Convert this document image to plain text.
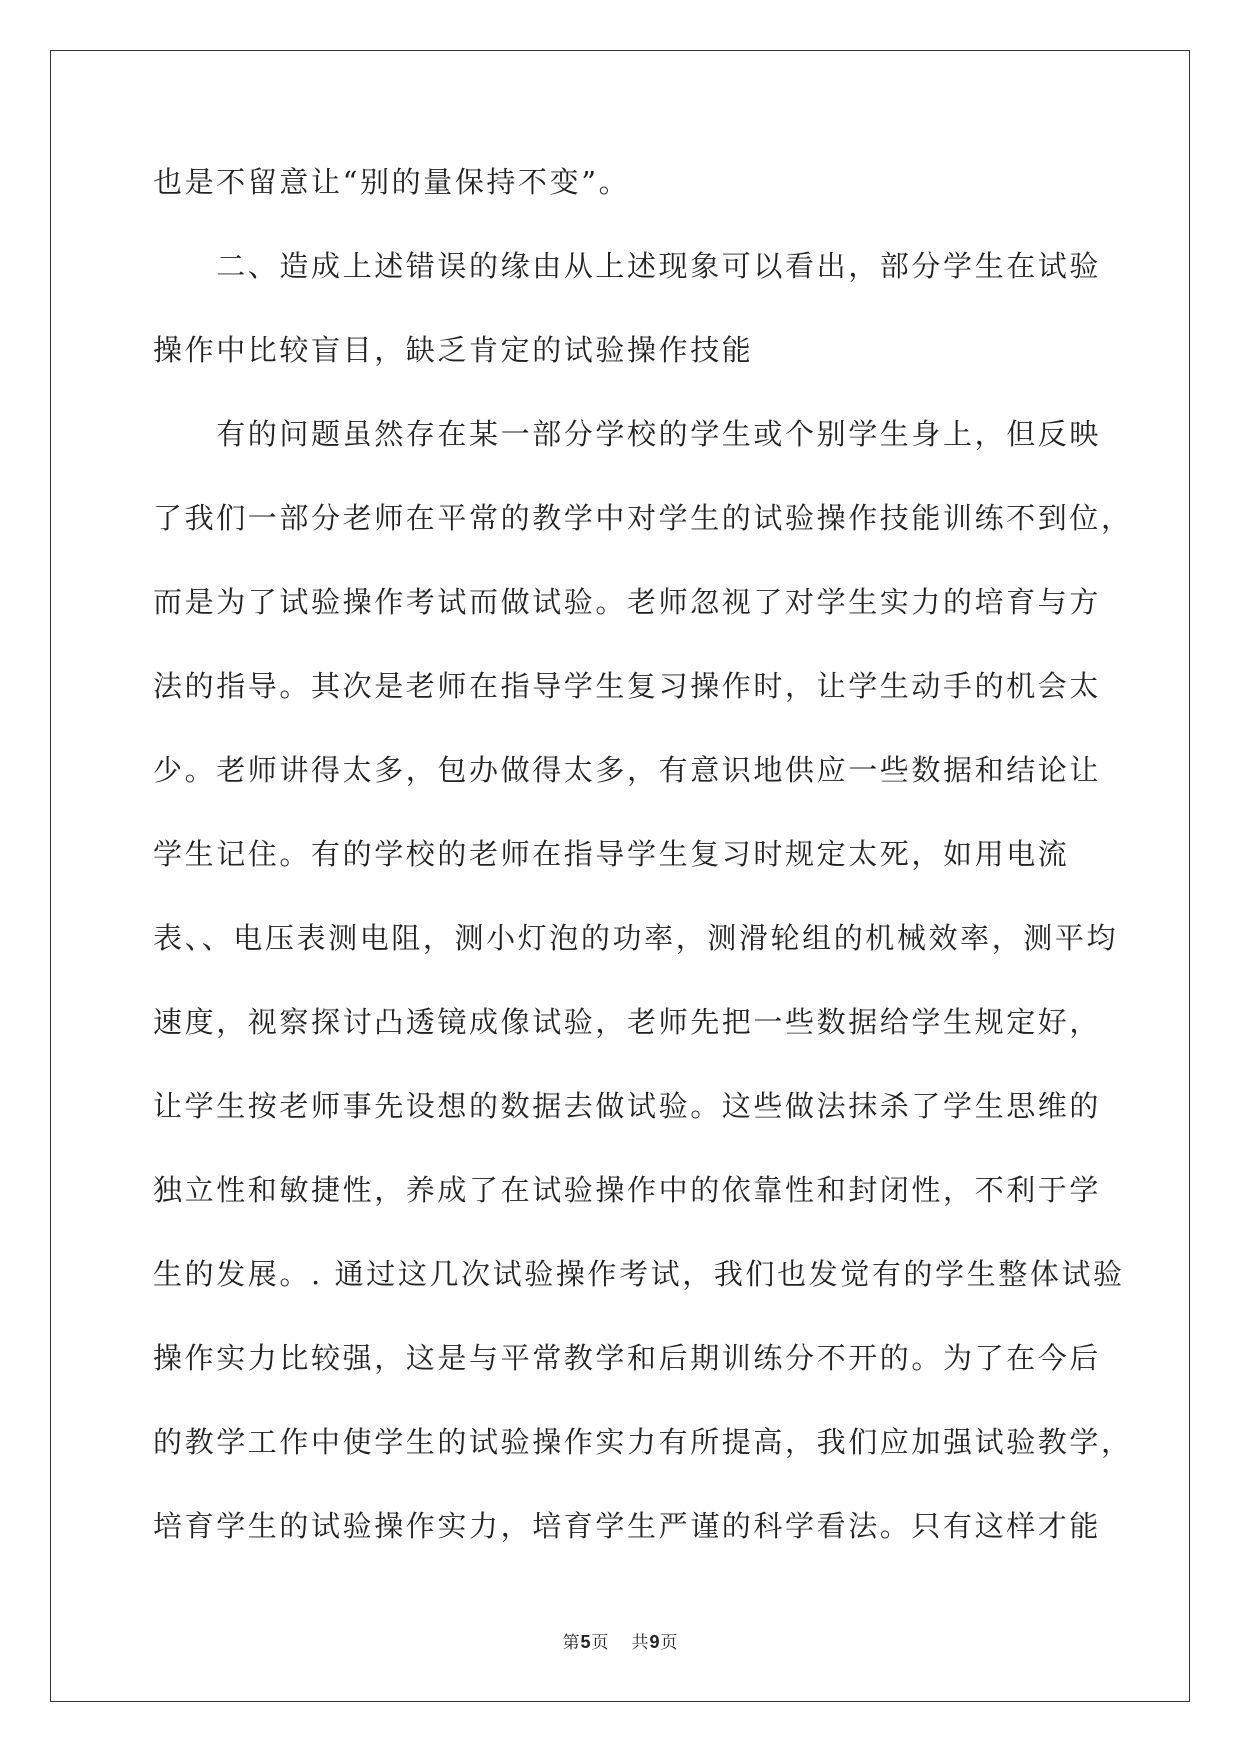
也是不留意让“别的量保持不变”。
　　二、造成上述错误的缘由从上述现象可以看出，部分学生在试验
操作中比较盲目，缺乏肯定的试验操作技能
　　有的问题虽然存在某一部分学校的学生或个别学生身上，但反映
了我们一部分老师在平常的教学中对学生的试验操作技能训练不到位，
而是为了试验操作考试而做试验。老师忽视了对学生实力的培育与方
法的指导。其次是老师在指导学生复习操作时，让学生动手的机会太
少。老师讲得太多，包办做得太多，有意识地供应一些数据和结论让
学生记住。有的学校的老师在指导学生复习时规定太死，如用电流
表、、电压表测电阻，测小灯泡的功率，测滑轮组的机械效率，测平均
速度，视察探讨凸透镜成像试验，老师先把一些数据给学生规定好，
让学生按老师事先设想的数据去做试验。这些做法抹杀了学生思维的
独立性和敏捷性，养成了在试验操作中的依靠性和封闭性，不利于学
生的发展。. 通过这几次试验操作考试，我们也发觉有的学生整体试验
操作实力比较强，这是与平常教学和后期训练分不开的。为了在今后
的教学工作中使学生的试验操作实力有所提高，我们应加强试验教学，
培育学生的试验操作实力，培育学生严谨的科学看法。只有这样才能
第5页 共9页
